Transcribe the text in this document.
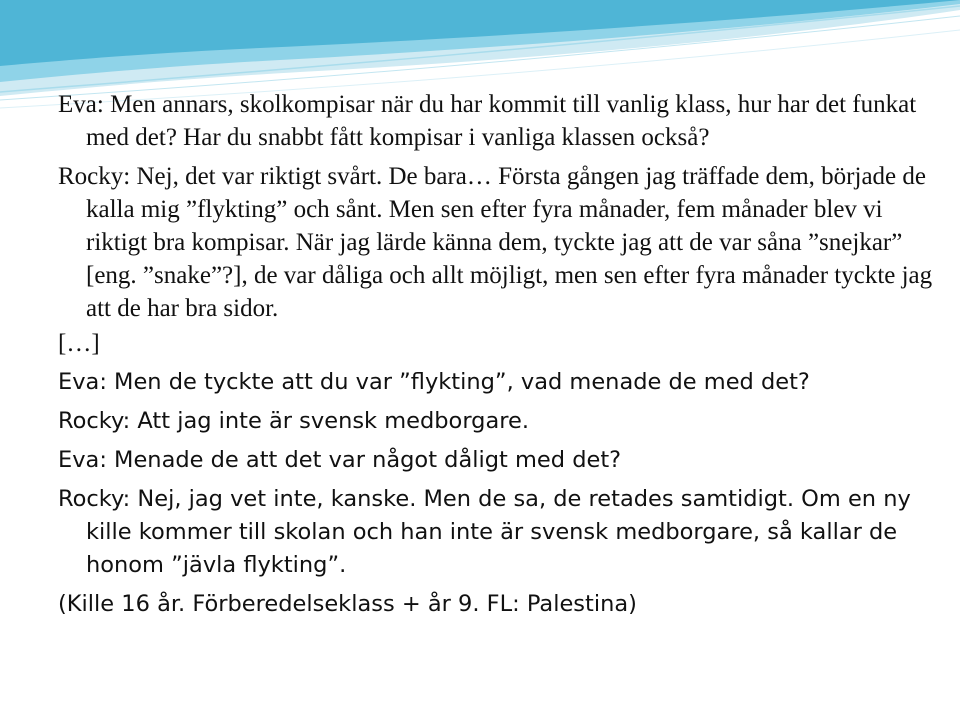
Eva: Men annars, skolkompisar när du har kommit till vanlig klass, hur har det funkat med det? Har du snabbt fått kompisar i vanliga klassen också?

Rocky: Nej, det var riktigt svårt. De bara… Första gången jag träffade dem, började de kalla mig ”flykting” och sånt. Men sen efter fyra månader, fem månader blev vi riktigt bra kompisar. När jag lärde känna dem, tyckte jag att de var såna ”snejkar” [eng. ”snake”?], de var dåliga och allt möjligt, men sen efter fyra månader tyckte jag att de har bra sidor.

[…]

Eva: Men de tyckte att du var ”flykting”, vad menade de med det?

Rocky: Att jag inte är svensk medborgare.

Eva: Menade de att det var något dåligt med det?

Rocky: Nej, jag vet inte, kanske. Men de sa, de retades samtidigt. Om en ny kille kommer till skolan och han inte är svensk medborgare, så kallar de honom ”jävla flykting”.

(Kille 16 år. Förberedelseklass + år 9. FL: Palestina)
